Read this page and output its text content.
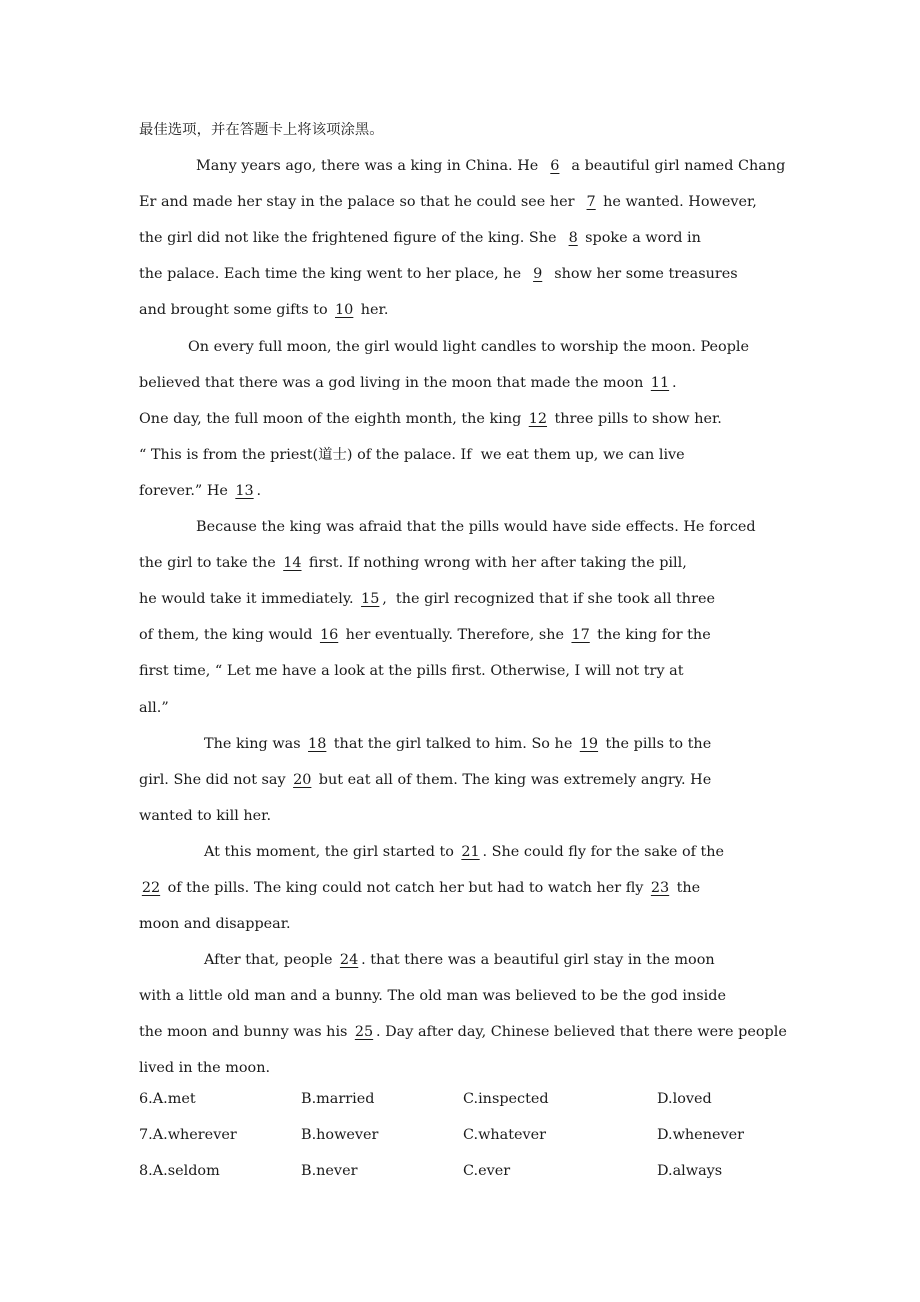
最佳选项，并在答题卡上将该项涂黑。
Many years ago, there was a king in China. He 6 a beautiful girl named Chang
Er and made her stay in the palace so that he could see her 7 he wanted. However,
the girl did not like the frightened figure of the king. She 8 spoke a word in
the palace. Each time the king went to her place, he 9 show her some treasures
and brought some gifts to 10 her.
On every full moon, the girl would light candles to worship the moon. People
believed that there was a god living in the moon that made the moon 11 .
One day, the full moon of the eighth month, the king 12 three pills to show her.
“ This is from the priest(道士) of the palace. If  we eat them up, we can live
forever.” He 13 .
Because the king was afraid that the pills would have side effects. He forced
the girl to take the 14 first. If nothing wrong with her after taking the pill,
he would take it immediately. 15 ,  the girl recognized that if she took all three
of them, the king would 16 her eventually. Therefore, she 17 the king for the
first time, “ Let me have a look at the pills first. Otherwise, I will not try at
all.”
The king was 18 that the girl talked to him. So he 19 the pills to the
girl. She did not say 20 but eat all of them. The king was extremely angry. He
wanted to kill her.
At this moment, the girl started to 21 . She could fly for the sake of the
22 of the pills. The king could not catch her but had to watch her fly 23 the
moon and disappear.
After that, people 24 . that there was a beautiful girl stay in the moon
with a little old man and a bunny. The old man was believed to be the god inside
the moon and bunny was his 25 . Day after day, Chinese believed that there were people
lived in the moon.
6.A.met	B.married	C.inspected	D.loved
7.A.wherever	B.however	C.whatever	D.whenever
8.A.seldom	B.never	C.ever	D.always
